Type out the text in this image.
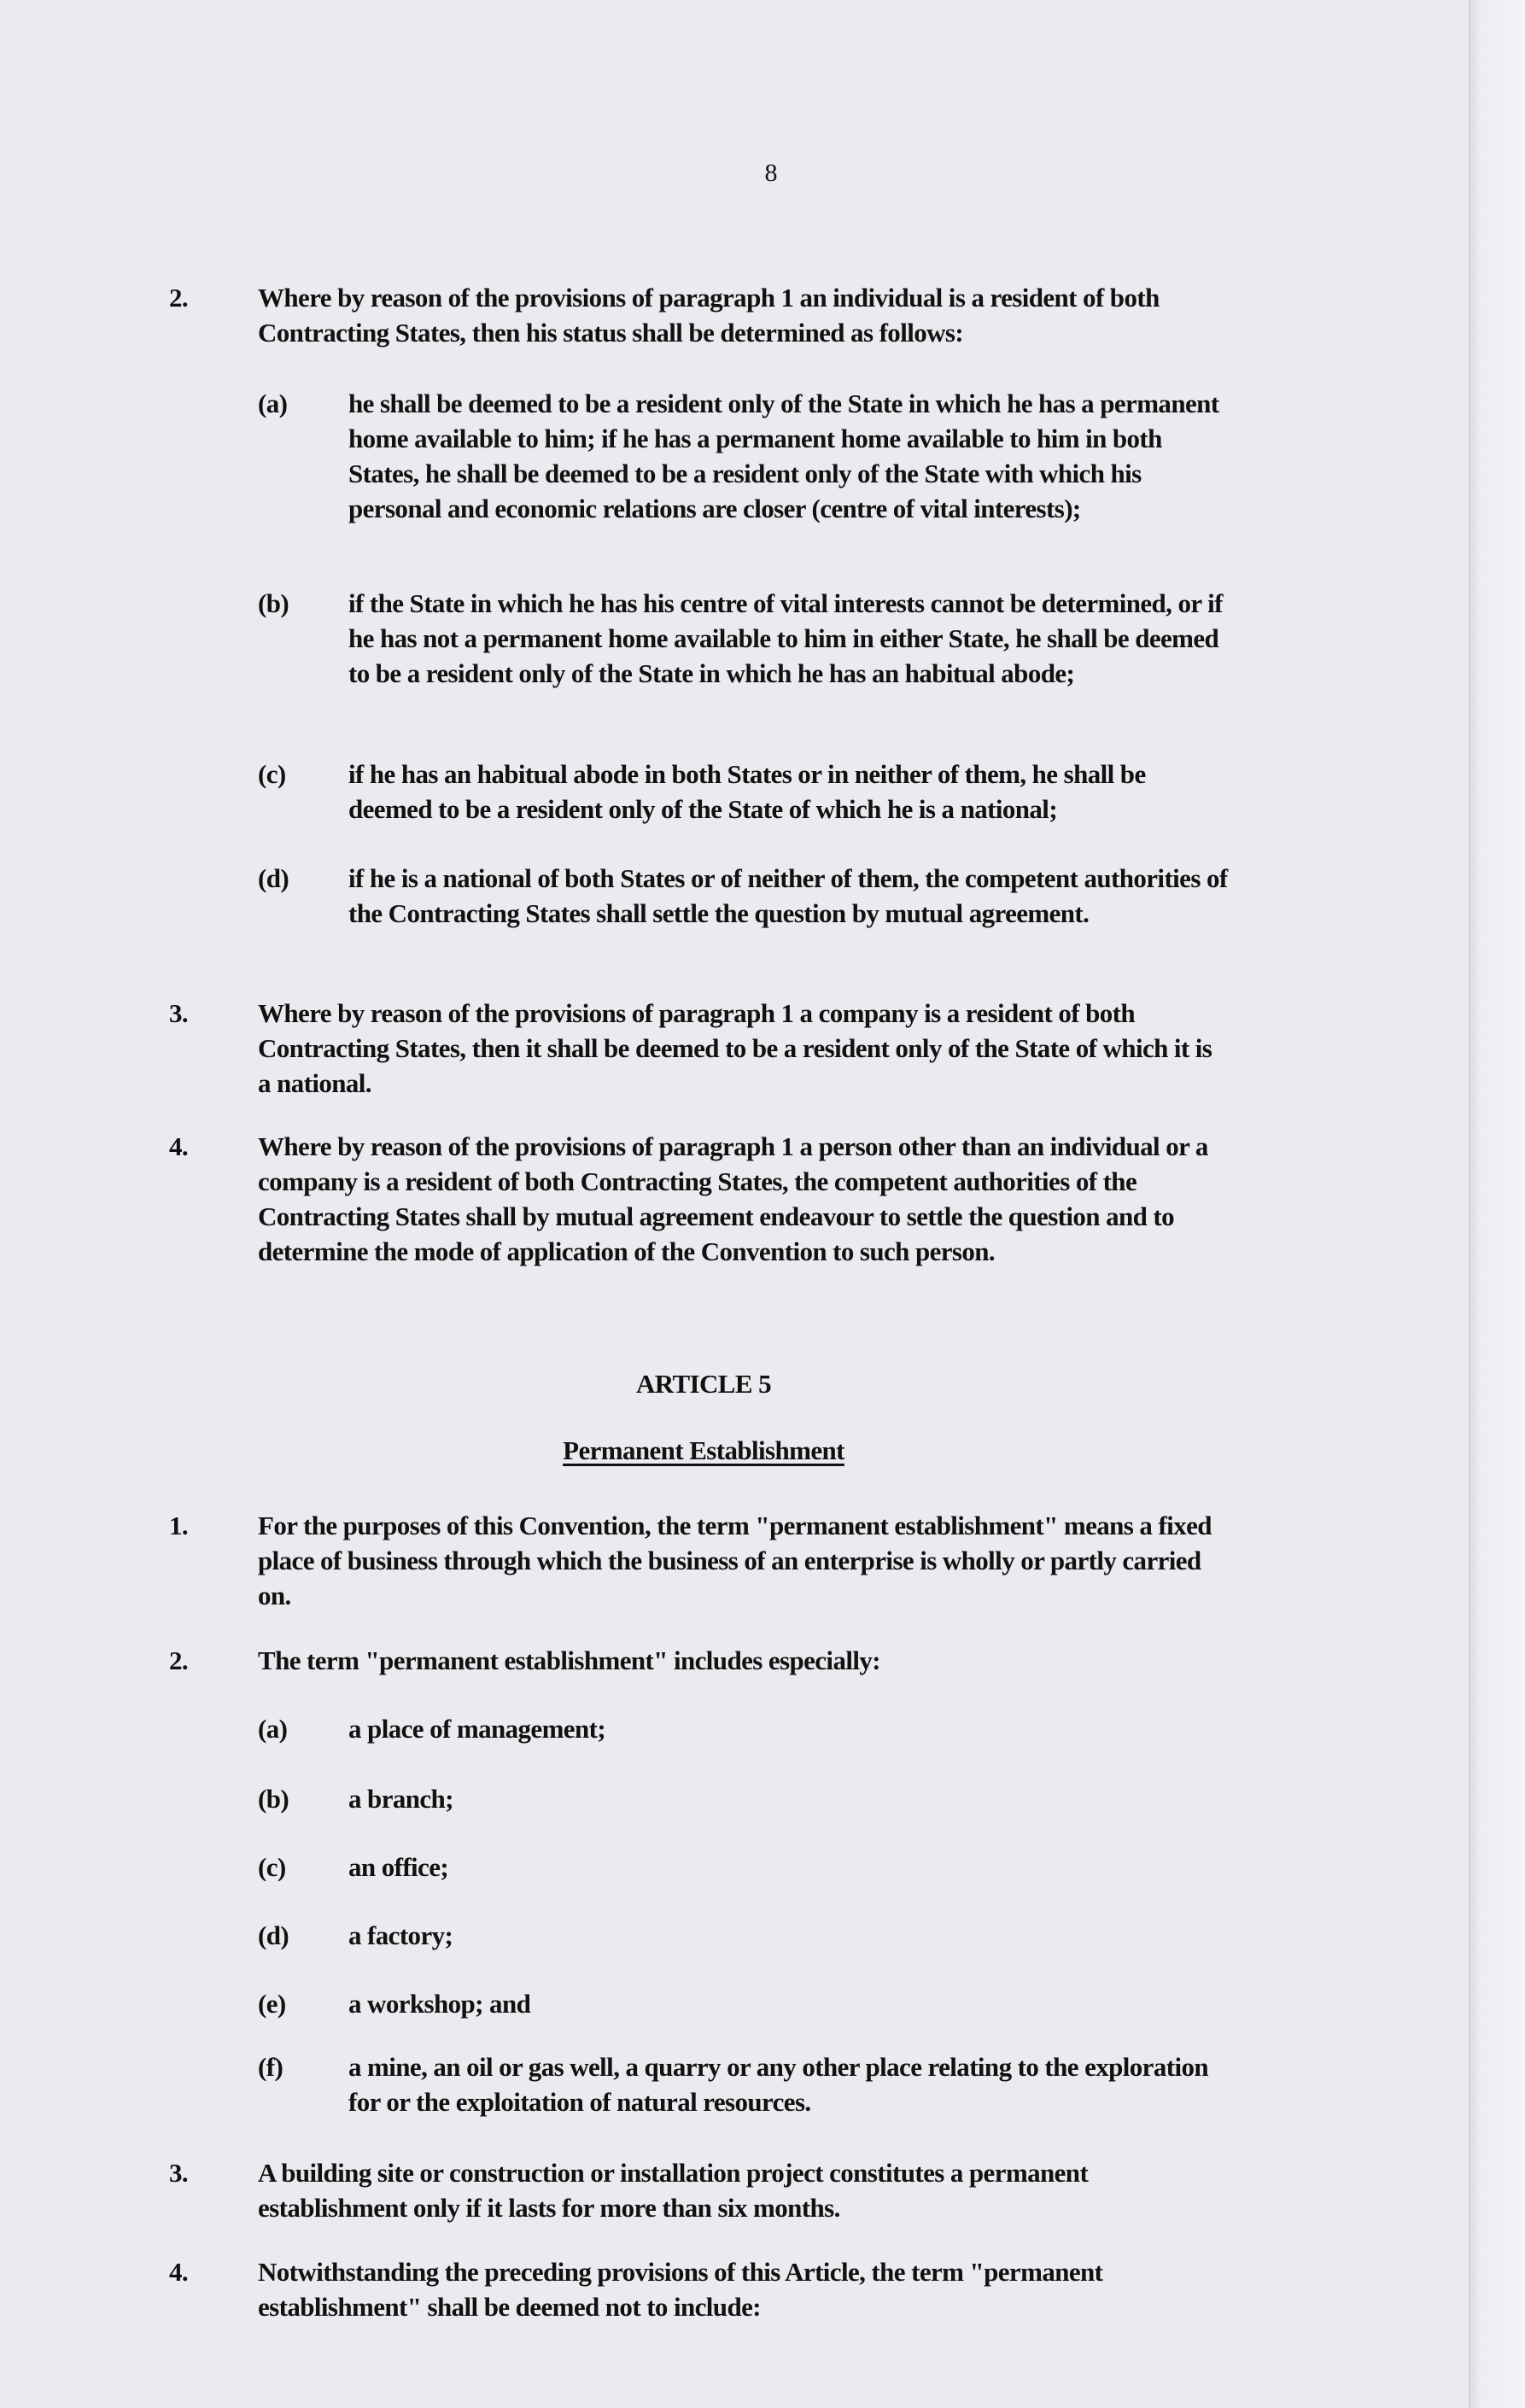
8
2.	Where by reason of the provisions of paragraph 1 an individual is a resident of both Contracting States, then his status shall be determined as follows:
(a) he shall be deemed to be a resident only of the State in which he has a permanent home available to him; if he has a permanent home available to him in both States, he shall be deemed to be a resident only of the State with which his personal and economic relations are closer (centre of vital interests);
(b) if the State in which he has his centre of vital interests cannot be determined, or if he has not a permanent home available to him in either State, he shall be deemed to be a resident only of the State in which he has an habitual abode;
(c) if he has an habitual abode in both States or in neither of them, he shall be deemed to be a resident only of the State of which he is a national;
(d) if he is a national of both States or of neither of them, the competent authorities of the Contracting States shall settle the question by mutual agreement.
3.	Where by reason of the provisions of paragraph 1 a company is a resident of both Contracting States, then it shall be deemed to be a resident only of the State of which it is a national.
4.	Where by reason of the provisions of paragraph 1 a person other than an individual or a company is a resident of both Contracting States, the competent authorities of the Contracting States shall by mutual agreement endeavour to settle the question and to determine the mode of application of the Convention to such person.
ARTICLE 5
Permanent Establishment
1.	For the purposes of this Convention, the term "permanent establishment" means a fixed place of business through which the business of an enterprise is wholly or partly carried on.
2.	The term "permanent establishment" includes especially:
(a) a place of management;
(b) a branch;
(c) an office;
(d) a factory;
(e) a workshop; and
(f) a mine, an oil or gas well, a quarry or any other place relating to the exploration for or the exploitation of natural resources.
3.	A building site or construction or installation project constitutes a permanent establishment only if it lasts for more than six months.
4.	Notwithstanding the preceding provisions of this Article, the term "permanent establishment" shall be deemed not to include:
